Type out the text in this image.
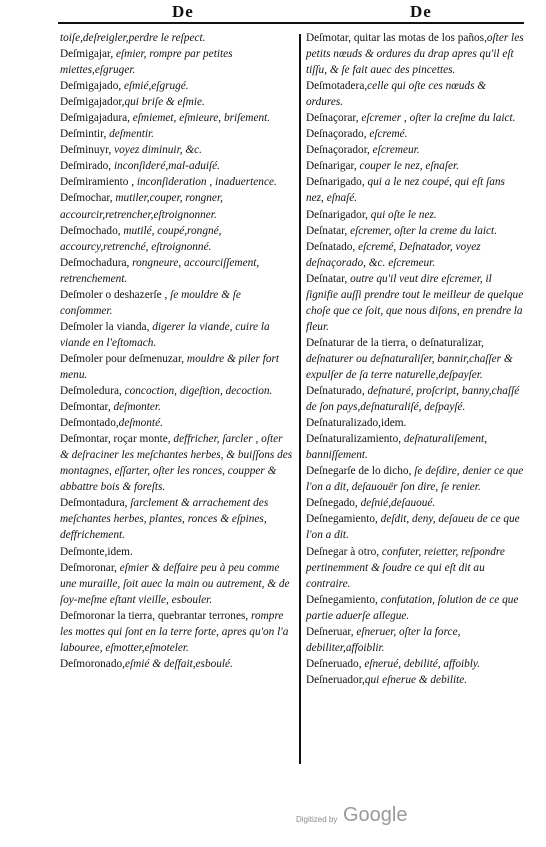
De	De

toiſe,deſreigler,perdre le reſpect.

Deſmigajar, eſmier, rompre par petites miettes,eſgruger.

Deſmigajado, eſmié,eſgrugé.

Deſmigajador,qui briſe & eſmie.

Deſmigajadura, eſmiemet, eſmieure, briſement.

Deſmintir, deſmentir.

Deſminuyr, voyez diminuir, &c.

Deſmirado, inconſideré,mal-aduiſé.

Deſmiramiento , inconſideration , inaduertence.

Deſmochar, mutiler,couper, rongner, accourcir,retrencher,eſtroignonner.

Deſmochado, mutilé, coupé,rongné, accourcy,retrenché, eſtroignonné.

Deſmochadura, rongneure, accourciſſement, retrenchement.

Deſmoler o deshazerſe , ſe mouldre & ſe conſommer.

Deſmoler la vianda, digerer la viande, cuire la viande en l'eſtomach.

Deſmoler pour deſmenuzar, mouldre & piler fort menu.

Deſmoledura, concoction, digeſtion, decoction.

Deſmontar, deſmonter.

Deſmontado,deſmonté.

Deſmontar, roçar monte, deffricher, ſarcler , oſter & deſraciner les meſchantes herbes, & buiſſons des montagnes, eſſarter, oſter les ronces, coupper & abbattre bois & foreſts.

Deſmontadura, ſarclement & arrachement des meſchantes herbes, plantes, ronces & eſpines, deffrichement.

Deſmonte,idem.

Deſmoronar, eſmier & deſfaire peu à peu comme une muraille, ſoit auec la main ou autrement, & de ſoy-meſme eſtant vieille, esbouler.

Deſmoronar la tierra, quebrantar terrones, rompre les mottes qui ſont en la terre forte, apres qu'on l'a labouree, eſmotter,eſmoteler.

Deſmoronado,eſmié & deſfait,esboulé.

Deſmotar, quitar las motas de los paños,oſter les petits nœuds & ordures du drap apres qu'il eſt tiſſu, & ſe fait auec des pincettes.

Deſmotadera,celle qui oſte ces nœuds & ordures.

Deſnaçorar, eſcremer , oſter la creſme du laict.

Deſnaçorado, eſcremé.

Deſnaçorador, eſcremeur.

Deſnarigar, couper le nez, eſnaſer.

Deſnarigado, qui a le nez coupé, qui eſt ſans nez, eſnaſé.

Deſnarigador, qui oſte le nez.

Deſnatar, eſcremer, oſter la creme du laict.

Deſnatado, eſcremé, Deſnatador, voyez deſnaçorado, &c. eſcremeur.

Deſnatar, outre qu'il veut dire eſcremer, il ſignifie auſſi prendre tout le meilleur de quelque choſe que ce ſoit, que nous diſons, en prendre la fleur.

Deſnaturar de la tierra, o deſnaturalizar, deſnaturer ou deſnaturaliſer, bannir,chaſſer & expulſer de ſa terre naturelle,deſpayſer.

Deſnaturado, deſnaturé, proſcript, banny,chaſſé de ſon pays,deſnaturaliſé, deſpayſé.

Deſnaturalizado,idem.

Deſnaturalizamiento, deſnaturaliſement, banniſſement.

Deſnegarſe de lo dicho, ſe deſdire, denier ce que l'on a dit, deſauouër ſon dire, ſe renier.

Deſnegado, deſnié,deſauoué.

Deſnegamiento, deſdit, deny, deſaueu de ce que l'on a dit.

Deſnegar à otro, confuter, reietter, reſpondre pertinemment & ſoudre ce qui eſt dit au contraire.

Deſnegamiento, confutation, ſolution de ce que partie aduerſe allegue.

Deſneruar, eſneruer, oſter la force, debiliter,affoiblir.

Deſneruado, eſnerué, debilité, affoibly.

Deſneruador,qui eſnerue & debilite.

Digitized by Google
